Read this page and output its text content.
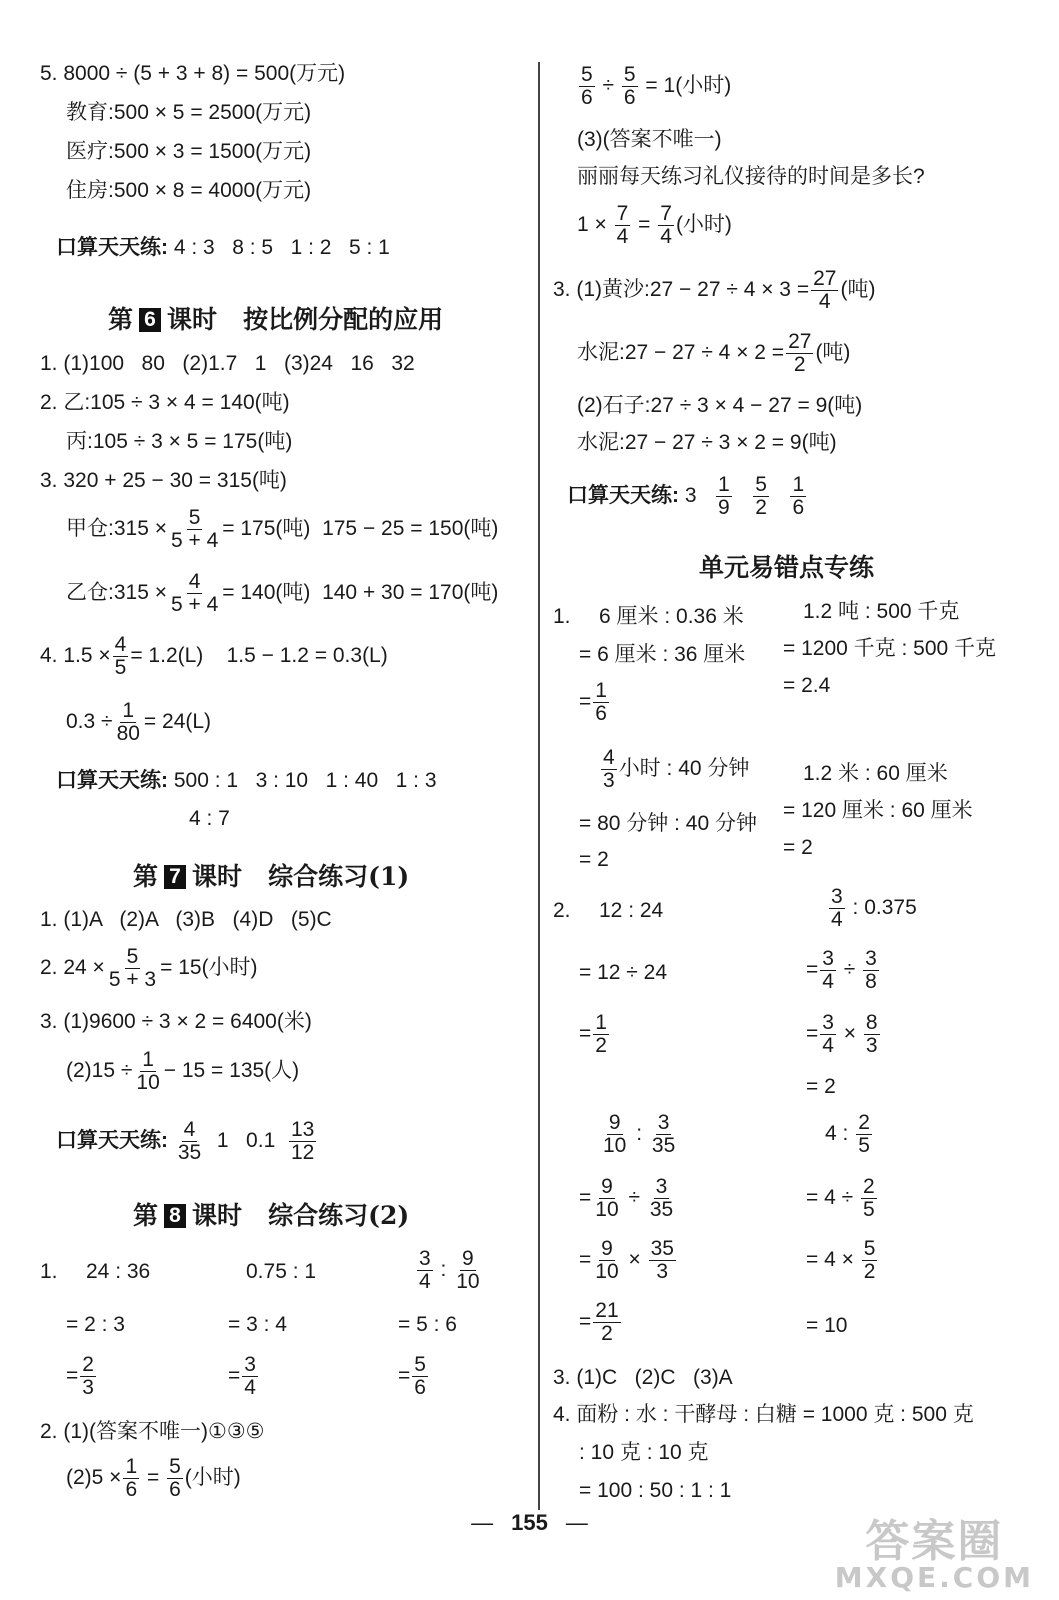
5. 8000 ÷ (5 + 3 + 8) = 500(万元)
教育:500 × 5 = 2500(万元)
医疗:500 × 3 = 1500(万元)
住房:500 × 8 = 4000(万元)
口算天天练: 4 : 3   8 : 5   1 : 2   5 : 1
第 6 课时   按比例分配的应用
1. (1)100   80   (2)1.7   1   (3)24   16   32
2. 乙:105 ÷ 3 × 4 = 140(吨)
丙:105 ÷ 3 × 5 = 175(吨)
3. 320 + 25 − 30 = 315(吨)
甲仓:315 × $\frac{5}{5 + 4} = 175$(吨)  175 − 25 = 150(吨)
乙仓:315 × $\frac{4}{5 + 4} = 140$(吨)  140 + 30 = 170(吨)
4. $1.5 \times \frac{4}{5} = 1.2(L)$    1.5 − 1.2 = 0.3(L)
$0.3 \div \frac{1}{80} = 24(L)$
口算天天练: 500 : 1   3 : 10   1 : 40   1 : 3
4 : 7
第 7 课时   综合练习(1)
1. (1)A   (2)A   (3)B   (4)D   (5)C
2. $24 \times \frac{5}{5 + 3} = 15$(小时)
3. (1)9600 ÷ 3 × 2 = 6400(米)
$(2)15 \div \frac{1}{10} - 15 = 135$(人)
口算天天练: $\frac{4}{35} 1$   $0.1 \frac{13}{12}$
第 8 课时   综合练习(2)
1. 24 : 36
= 2 : 3
= $\frac{2}{3}$
0.75 : 1
= 3 : 4
= $\frac{3}{4}$
$\frac{3}{4}$ : $\frac{9}{10}$
= 5 : 6
= $\frac{5}{6}$
2. (1)(答案不唯一)①③⑤
$(2)5 \times \frac{1}{6} = \frac{5}{6}$ (小时)
$\frac{5}{6} \div \frac{5}{6} = 1$(小时)
(3)(答案不唯一)
丽丽每天练习礼仪接待的时间是多长?
$1 \times \frac{7}{4} = \frac{7}{4}$ (小时)
3. (1)黄沙:27 − $27 \div 4 \times 3 = \frac{27}{4}$ (吨)
水泥:27 − $27 \div 4 \times 2 = \frac{27}{2}$ (吨)
(2)石子:27 ÷ 3 × 4 − 27 = 9(吨)
水泥:27 − 27 ÷ 3 × 2 = 9(吨)
口算天天练: $3 \frac{1}{9}$
$\frac{5}{2}$
$\frac{1}{6}$
单元易错点专练
1. 6 厘米 : 0.36 米
= 6 厘米 : 36 厘米
= $\frac{1}{6}$
1.2 吨 : 500 千克
= 1200 千克 : 500 千克
= 2.4
$\frac{4}{3}$ 小时 : 40 分钟
= 80 分钟 : 40 分钟
= 2
1.2 米 : 60 厘米
= 120 厘米 : 60 厘米
= 2
2. 12 : 24
= 12 ÷ 24
= $\frac{1}{2}$
$\frac{3}{4}$ : 0.375
= $\frac{3}{4} \div \frac{3}{8}$
= $\frac{3}{4} \times \frac{8}{3}$
= 2
$\frac{9}{10}$ : $\frac{3}{35}$
= $\frac{9}{10} \div \frac{3}{35}$
= $\frac{9}{10} \times \frac{35}{3}$
= $\frac{21}{2}$
4 : $\frac{2}{5}$
= $4 \div \frac{2}{5}$
= $4 \times \frac{5}{2}$
= 10
3. (1)C   (2)C   (3)A
4. 面粉 : 水 : 干酵母 : 白糖 = 1000 克 : 500 克
: 10 克 : 10 克
= 100 : 50 : 1 : 1
— 155 —	答案圈
MXQE.COM
